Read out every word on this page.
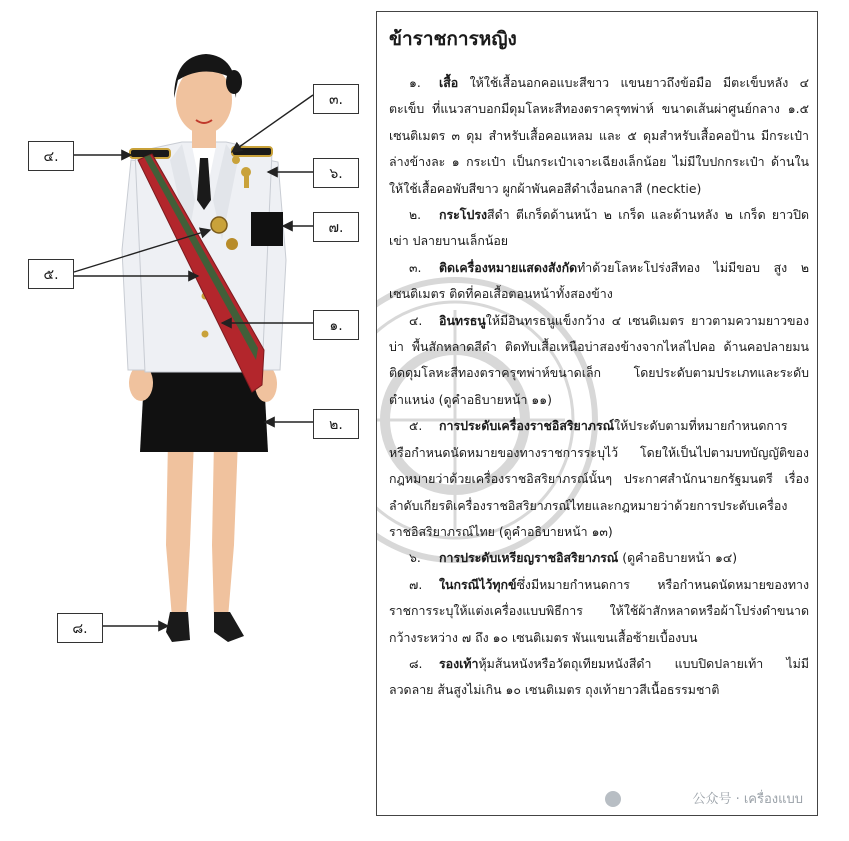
๓.
๔.
๖.
๗.
๕.
๑.
๒.
๘.
ข้าราชการหญิง

๑. เสื้อ ให้ใช้เสื้อนอกคอแบะสีขาว แขนยาวถึงข้อมือ มีตะเข็บหลัง ๔ ตะเข็บ ที่แนวสาบอกมีดุมโลหะสีทองตราครุฑพ่าห์ ขนาดเส้นผ่าศูนย์กลาง ๑.๕ เซนติเมตร ๓ ดุม สำหรับเสื้อคอแหลม และ ๕ ดุมสำหรับเสื้อคอป้าน มีกระเป๋าล่างข้างละ ๑ กระเป๋า เป็นกระเป๋าเจาะเฉียงเล็กน้อย ไม่มีใบปกกระเป๋า ด้านในให้ใช้เสื้อคอพับสีขาว ผูกผ้าพันคอสีดำเงื่อนกลาสี (necktie)

๒. กระโปรงสีดำ ตีเกร็ดด้านหน้า ๒ เกร็ด และด้านหลัง ๒ เกร็ด ยาวปิดเข่า ปลายบานเล็กน้อย

๓. ติดเครื่องหมายแสดงสังกัดทำด้วยโลหะโปร่งสีทอง ไม่มีขอบ สูง ๒ เซนติเมตร ติดที่คอเสื้อตอนหน้าทั้งสองข้าง

๔. อินทรธนูให้มีอินทรธนูแข็งกว้าง ๔ เซนติเมตร ยาวตามความยาวของบ่า พื้นสักหลาดสีดำ ติดทับเสื้อเหนือบ่าสองข้างจากไหล่ไปคอ ด้านคอปลายมนติดดุมโลหะสีทองตราครุฑพ่าห์ขนาดเล็ก โดยประดับตามประเภทและระดับตำแหน่ง (ดูคำอธิบายหน้า ๑๑)

๕. การประดับเครื่องราชอิสริยาภรณ์ให้ประดับตามที่หมายกำหนดการหรือกำหนดนัดหมายของทางราชการระบุไว้ โดยให้เป็นไปตามบทบัญญัติของกฎหมายว่าด้วยเครื่องราชอิสริยาภรณ์นั้นๆ ประกาศสำนักนายกรัฐมนตรี เรื่องลำดับเกียรติเครื่องราชอิสริยาภรณ์ไทยและกฎหมายว่าด้วยการประดับเครื่องราชอิสริยาภรณ์ไทย (ดูคำอธิบายหน้า ๑๓)

๖. การประดับเหรียญราชอิสริยาภรณ์ (ดูคำอธิบายหน้า ๑๔)

๗. ในกรณีไว้ทุกข์ซึ่งมีหมายกำหนดการ หรือกำหนดนัดหมายของทางราชการระบุให้แต่งเครื่องแบบพิธีการ ให้ใช้ผ้าสักหลาดหรือผ้าโปร่งดำขนาดกว้างระหว่าง ๗ ถึง ๑๐ เซนติเมตร พันแขนเสื้อซ้ายเบื้องบน

๘. รองเท้าหุ้มส้นหนังหรือวัตถุเทียมหนังสีดำ แบบปิดปลายเท้า ไม่มีลวดลาย ส้นสูงไม่เกิน ๑๐ เซนติเมตร ถุงเท้ายาวสีเนื้อธรรมชาติ

公众号 · เครื่องแบบ
